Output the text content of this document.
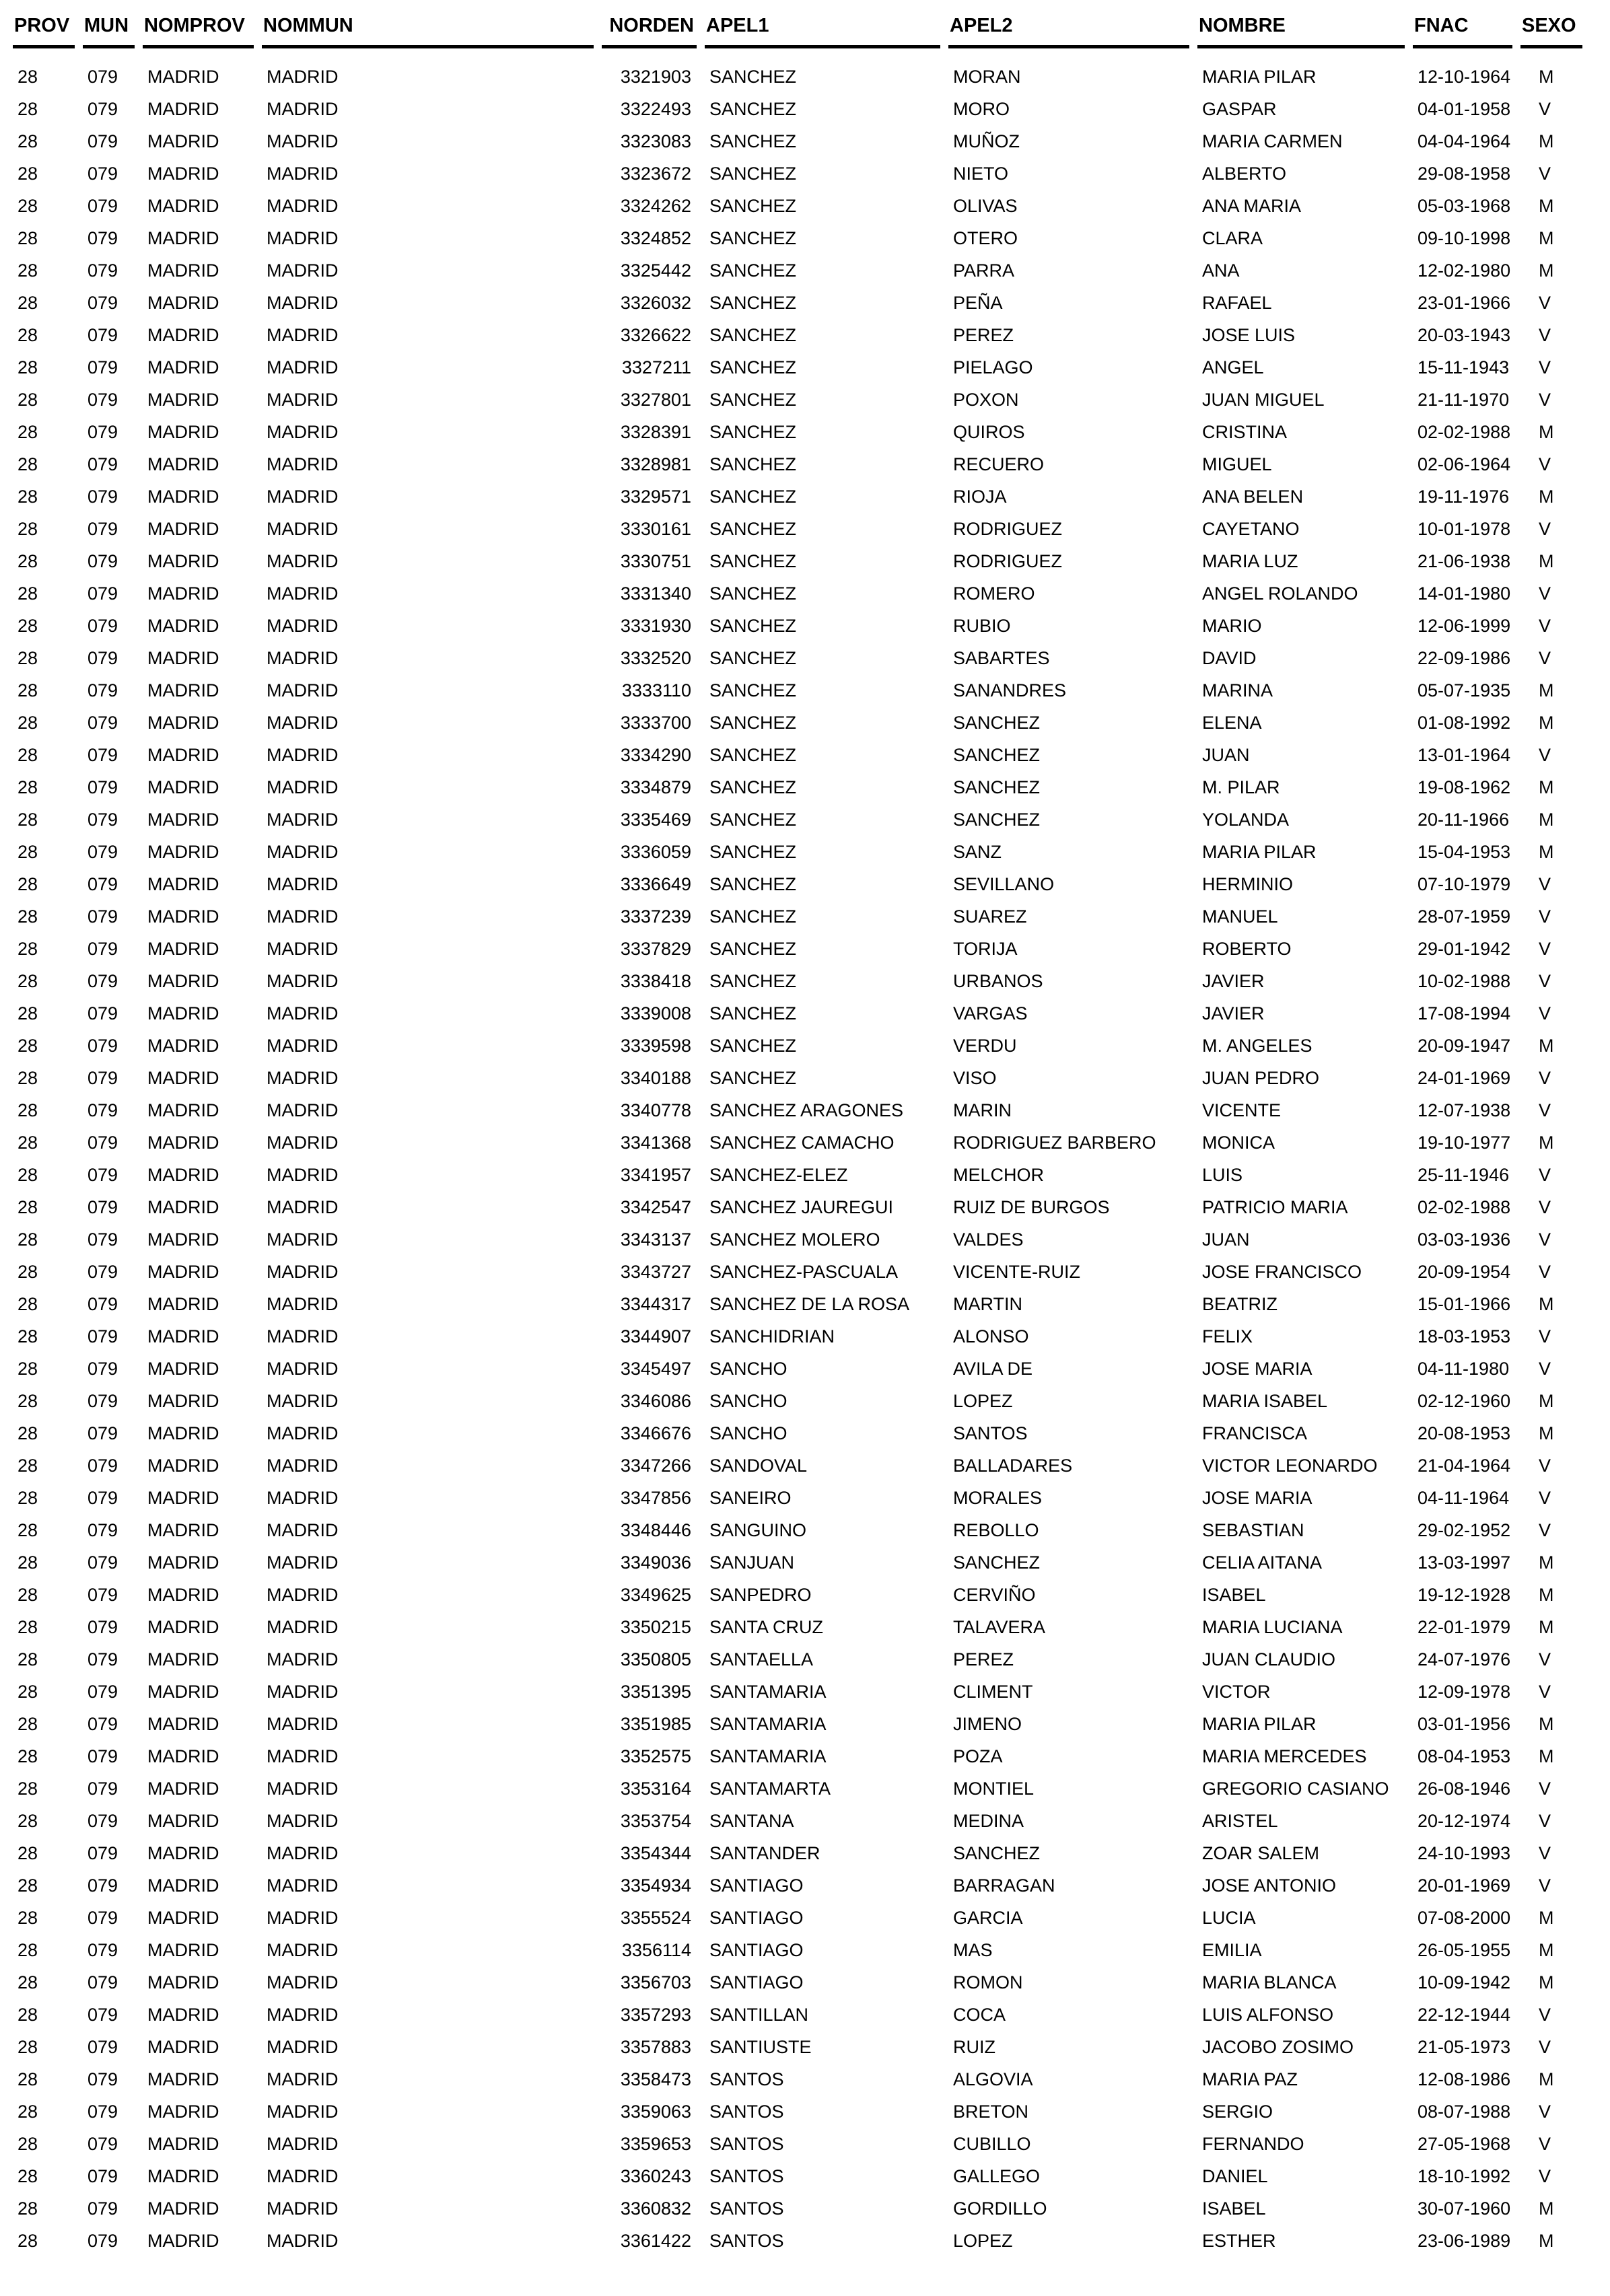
PROV	MUN	NOMPROV	NOMMUN	NORDEN	APEL1	APEL2	NOMBRE	FNAC	SEXO
28	079	MADRID	MADRID	3321903	SANCHEZ	MORAN	MARIA PILAR	12-10-1964	M
28	079	MADRID	MADRID	3322493	SANCHEZ	MORO	GASPAR	04-01-1958	V
28	079	MADRID	MADRID	3323083	SANCHEZ	MUÑOZ	MARIA CARMEN	04-04-1964	M
28	079	MADRID	MADRID	3323672	SANCHEZ	NIETO	ALBERTO	29-08-1958	V
28	079	MADRID	MADRID	3324262	SANCHEZ	OLIVAS	ANA MARIA	05-03-1968	M
28	079	MADRID	MADRID	3324852	SANCHEZ	OTERO	CLARA	09-10-1998	M
28	079	MADRID	MADRID	3325442	SANCHEZ	PARRA	ANA	12-02-1980	M
28	079	MADRID	MADRID	3326032	SANCHEZ	PEÑA	RAFAEL	23-01-1966	V
28	079	MADRID	MADRID	3326622	SANCHEZ	PEREZ	JOSE LUIS	20-03-1943	V
28	079	MADRID	MADRID	3327211	SANCHEZ	PIELAGO	ANGEL	15-11-1943	V
28	079	MADRID	MADRID	3327801	SANCHEZ	POXON	JUAN MIGUEL	21-11-1970	V
28	079	MADRID	MADRID	3328391	SANCHEZ	QUIROS	CRISTINA	02-02-1988	M
28	079	MADRID	MADRID	3328981	SANCHEZ	RECUERO	MIGUEL	02-06-1964	V
28	079	MADRID	MADRID	3329571	SANCHEZ	RIOJA	ANA BELEN	19-11-1976	M
28	079	MADRID	MADRID	3330161	SANCHEZ	RODRIGUEZ	CAYETANO	10-01-1978	V
28	079	MADRID	MADRID	3330751	SANCHEZ	RODRIGUEZ	MARIA LUZ	21-06-1938	M
28	079	MADRID	MADRID	3331340	SANCHEZ	ROMERO	ANGEL ROLANDO	14-01-1980	V
28	079	MADRID	MADRID	3331930	SANCHEZ	RUBIO	MARIO	12-06-1999	V
28	079	MADRID	MADRID	3332520	SANCHEZ	SABARTES	DAVID	22-09-1986	V
28	079	MADRID	MADRID	3333110	SANCHEZ	SANANDRES	MARINA	05-07-1935	M
28	079	MADRID	MADRID	3333700	SANCHEZ	SANCHEZ	ELENA	01-08-1992	M
28	079	MADRID	MADRID	3334290	SANCHEZ	SANCHEZ	JUAN	13-01-1964	V
28	079	MADRID	MADRID	3334879	SANCHEZ	SANCHEZ	M. PILAR	19-08-1962	M
28	079	MADRID	MADRID	3335469	SANCHEZ	SANCHEZ	YOLANDA	20-11-1966	M
28	079	MADRID	MADRID	3336059	SANCHEZ	SANZ	MARIA PILAR	15-04-1953	M
28	079	MADRID	MADRID	3336649	SANCHEZ	SEVILLANO	HERMINIO	07-10-1979	V
28	079	MADRID	MADRID	3337239	SANCHEZ	SUAREZ	MANUEL	28-07-1959	V
28	079	MADRID	MADRID	3337829	SANCHEZ	TORIJA	ROBERTO	29-01-1942	V
28	079	MADRID	MADRID	3338418	SANCHEZ	URBANOS	JAVIER	10-02-1988	V
28	079	MADRID	MADRID	3339008	SANCHEZ	VARGAS	JAVIER	17-08-1994	V
28	079	MADRID	MADRID	3339598	SANCHEZ	VERDU	M. ANGELES	20-09-1947	M
28	079	MADRID	MADRID	3340188	SANCHEZ	VISO	JUAN PEDRO	24-01-1969	V
28	079	MADRID	MADRID	3340778	SANCHEZ ARAGONES	MARIN	VICENTE	12-07-1938	V
28	079	MADRID	MADRID	3341368	SANCHEZ CAMACHO	RODRIGUEZ BARBERO	MONICA	19-10-1977	M
28	079	MADRID	MADRID	3341957	SANCHEZ-ELEZ	MELCHOR	LUIS	25-11-1946	V
28	079	MADRID	MADRID	3342547	SANCHEZ JAUREGUI	RUIZ DE BURGOS	PATRICIO MARIA	02-02-1988	V
28	079	MADRID	MADRID	3343137	SANCHEZ MOLERO	VALDES	JUAN	03-03-1936	V
28	079	MADRID	MADRID	3343727	SANCHEZ-PASCUALA	VICENTE-RUIZ	JOSE FRANCISCO	20-09-1954	V
28	079	MADRID	MADRID	3344317	SANCHEZ DE LA ROSA	MARTIN	BEATRIZ	15-01-1966	M
28	079	MADRID	MADRID	3344907	SANCHIDRIAN	ALONSO	FELIX	18-03-1953	V
28	079	MADRID	MADRID	3345497	SANCHO	AVILA DE	JOSE MARIA	04-11-1980	V
28	079	MADRID	MADRID	3346086	SANCHO	LOPEZ	MARIA ISABEL	02-12-1960	M
28	079	MADRID	MADRID	3346676	SANCHO	SANTOS	FRANCISCA	20-08-1953	M
28	079	MADRID	MADRID	3347266	SANDOVAL	BALLADARES	VICTOR LEONARDO	21-04-1964	V
28	079	MADRID	MADRID	3347856	SANEIRO	MORALES	JOSE MARIA	04-11-1964	V
28	079	MADRID	MADRID	3348446	SANGUINO	REBOLLO	SEBASTIAN	29-02-1952	V
28	079	MADRID	MADRID	3349036	SANJUAN	SANCHEZ	CELIA AITANA	13-03-1997	M
28	079	MADRID	MADRID	3349625	SANPEDRO	CERVIÑO	ISABEL	19-12-1928	M
28	079	MADRID	MADRID	3350215	SANTA CRUZ	TALAVERA	MARIA LUCIANA	22-01-1979	M
28	079	MADRID	MADRID	3350805	SANTAELLA	PEREZ	JUAN CLAUDIO	24-07-1976	V
28	079	MADRID	MADRID	3351395	SANTAMARIA	CLIMENT	VICTOR	12-09-1978	V
28	079	MADRID	MADRID	3351985	SANTAMARIA	JIMENO	MARIA PILAR	03-01-1956	M
28	079	MADRID	MADRID	3352575	SANTAMARIA	POZA	MARIA MERCEDES	08-04-1953	M
28	079	MADRID	MADRID	3353164	SANTAMARTA	MONTIEL	GREGORIO CASIANO	26-08-1946	V
28	079	MADRID	MADRID	3353754	SANTANA	MEDINA	ARISTEL	20-12-1974	V
28	079	MADRID	MADRID	3354344	SANTANDER	SANCHEZ	ZOAR SALEM	24-10-1993	V
28	079	MADRID	MADRID	3354934	SANTIAGO	BARRAGAN	JOSE ANTONIO	20-01-1969	V
28	079	MADRID	MADRID	3355524	SANTIAGO	GARCIA	LUCIA	07-08-2000	M
28	079	MADRID	MADRID	3356114	SANTIAGO	MAS	EMILIA	26-05-1955	M
28	079	MADRID	MADRID	3356703	SANTIAGO	ROMON	MARIA BLANCA	10-09-1942	M
28	079	MADRID	MADRID	3357293	SANTILLAN	COCA	LUIS ALFONSO	22-12-1944	V
28	079	MADRID	MADRID	3357883	SANTIUSTE	RUIZ	JACOBO ZOSIMO	21-05-1973	V
28	079	MADRID	MADRID	3358473	SANTOS	ALGOVIA	MARIA PAZ	12-08-1986	M
28	079	MADRID	MADRID	3359063	SANTOS	BRETON	SERGIO	08-07-1988	V
28	079	MADRID	MADRID	3359653	SANTOS	CUBILLO	FERNANDO	27-05-1968	V
28	079	MADRID	MADRID	3360243	SANTOS	GALLEGO	DANIEL	18-10-1992	V
28	079	MADRID	MADRID	3360832	SANTOS	GORDILLO	ISABEL	30-07-1960	M
28	079	MADRID	MADRID	3361422	SANTOS	LOPEZ	ESTHER	23-06-1989	M
